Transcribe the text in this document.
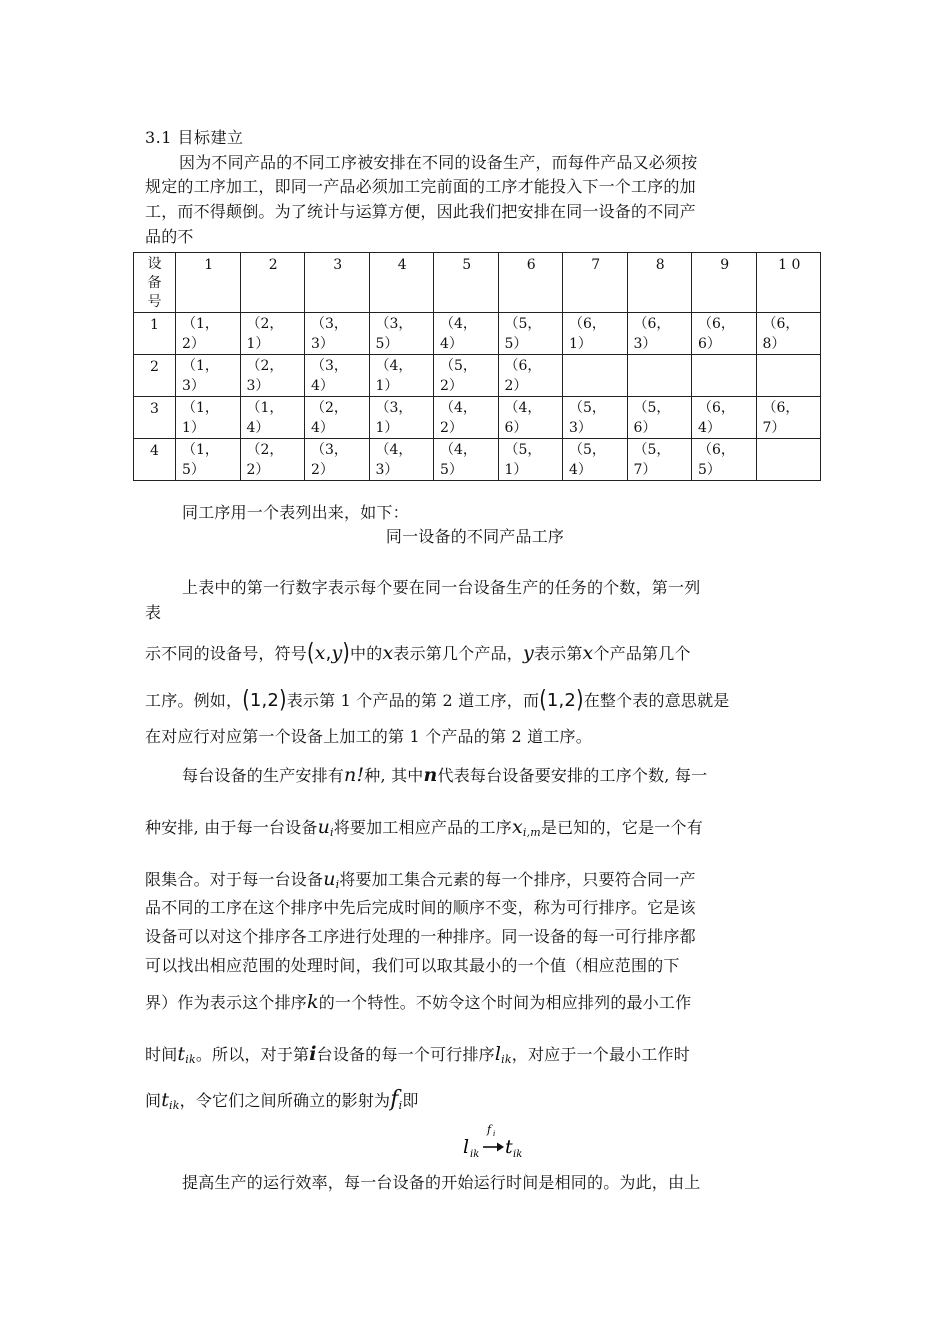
3.1 目标建立
因为不同产品的不同工序被安排在不同的设备生产，而每件产品又必须按
规定的工序加工，即同一产品必须加工完前面的工序才能投入下一个工序的加
工，而不得颠倒。为了统计与运算方便，因此我们把安排在同一设备的不同产
品的不
设
备
号	1	2	3	4	5	6	7	8	9	1 0
1	（1，
2）	（2，
1）	（3，
3）	（3，
5）	（4，
4）	（5，
5）	（6，
1）	（6，
3）	（6，
6）	（6，
8）
2	（1，
3）	（2，
3）	（3，
4）	（4，
1）	（5，
2）	（6，
2）	

3	（1，
1）	（1，
4）	（2，
4）	（3，
1）	（4，
2）	（4，
6）	（5，
3）	（5，
6）	（6，
4）	（6，
7）
4	（1，
5）	（2，
2）	（3，
2）	（4，
3）	（4，
5）	（5，
1）	（5，
4）	（5，
7）	（6，
5）	

同工序用一个表列出来，如下：
同一设备的不同产品工序
上表中的第一行数字表示每个要在同一台设备生产的任务的个数，第一列
表
示不同的设备号，符号(x,y)中的x表示第几个产品，y表示第x个产品第几个
工序。例如，(1,2)表示第 1 个产品的第 2 道工序，而(1,2)在整个表的意思就是
在对应行对应第一个设备上加工的第 1 个产品的第 2 道工序。
每台设备的生产安排有n!种, 其中n代表每台设备要安排的工序个数, 每一
种安排, 由于每一台设备ui将要加工相应产品的工序xi,m是已知的，它是一个有
限集合。对于每一台设备ui将要加工集合元素的每一个排序，只要符合同一产
品不同的工序在这个排序中先后完成时间的顺序不变，称为可行排序。它是该
设备可以对这个排序各工序进行处理的一种排序。同一设备的每一可行排序都
可以找出相应范围的处理时间，我们可以取其最小的一个值（相应范围的下
界）作为表示这个排序k的一个特性。不妨令这个时间为相应排列的最小工作
时间tik。所以，对于第i台设备的每一个可行排序lik，对应于一个最小工作时
间tik，令它们之间所确立的影射为fi即
f i
l ik t ik
提高生产的运行效率，每一台设备的开始运行时间是相同的。为此，由上
